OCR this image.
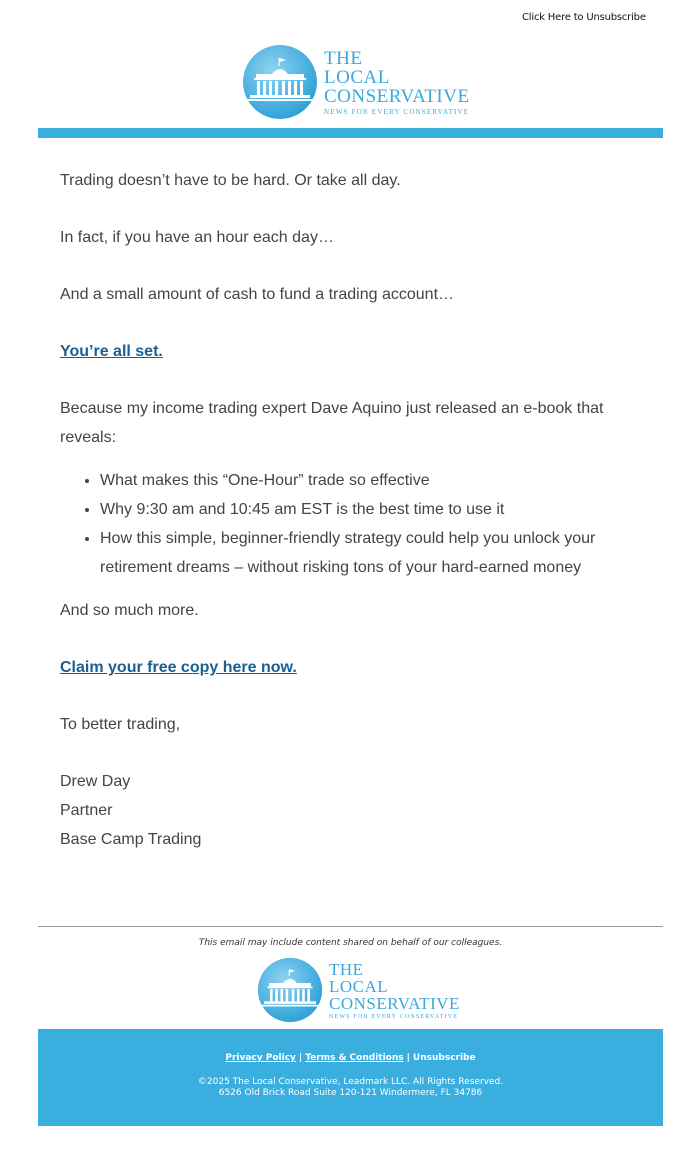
Click Here to Unsubscribe
THE
LOCAL
CONSERVATIVE
NEWS FOR EVERY CONSERVATIVE

Trading doesn’t have to be hard. Or take all day.

In fact, if you have an hour each day…

And a small amount of cash to fund a trading account…

You’re all set.

Because my income trading expert Dave Aquino just released an e-book that reveals:

• What makes this “One-Hour” trade so effective
• Why 9:30 am and 10:45 am EST is the best time to use it
• How this simple, beginner-friendly strategy could help you unlock your retirement dreams – without risking tons of your hard-earned money

And so much more.

Claim your free copy here now.

To better trading,

Drew Day

Partner

Base Camp Trading

This email may include content shared on behalf of our colleagues.
THE
LOCAL
CONSERVATIVE
NEWS FOR EVERY CONSERVATIVE
Privacy Policy | Terms & Conditions | Unsubscribe
©2025 The Local Conservative, Leadmark LLC. All Rights Reserved.
6526 Old Brick Road Suite 120-121 Windermere, FL 34786
